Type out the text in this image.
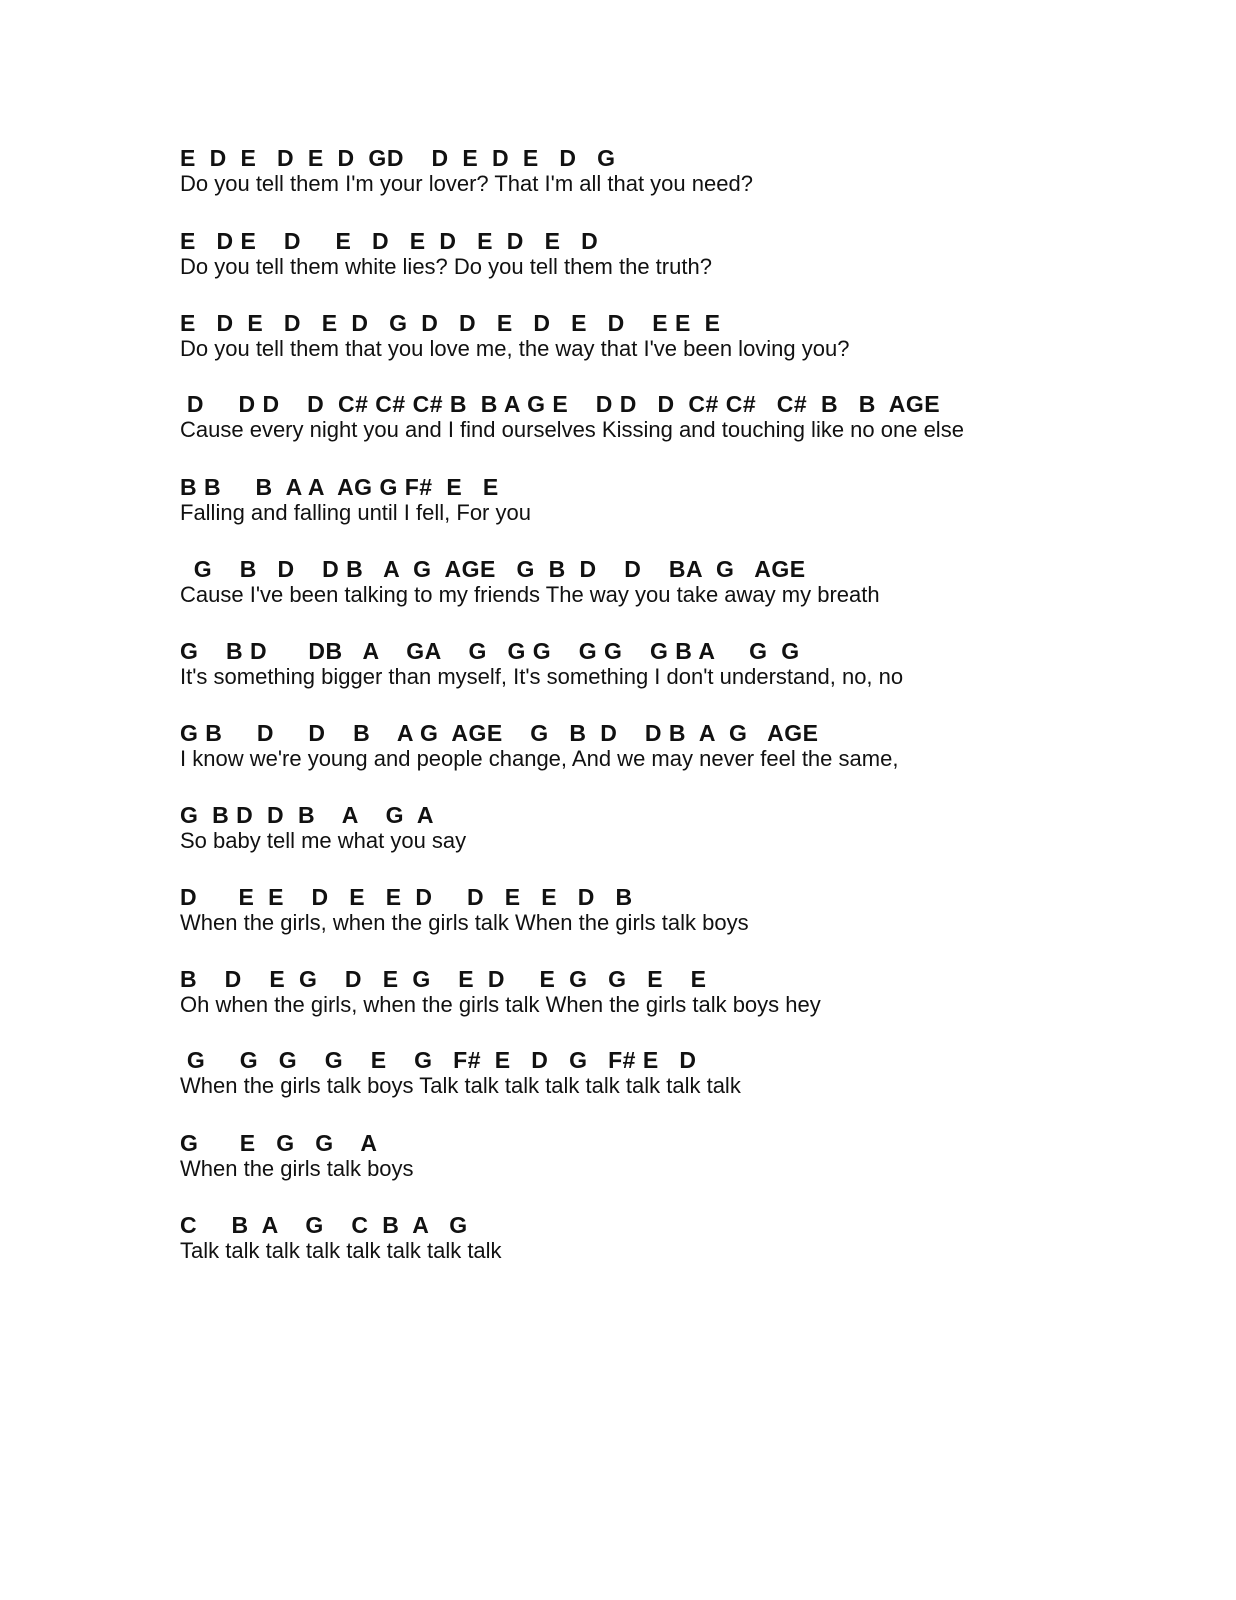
E  D  E   D  E  D  GD    D  E  D  E   D   G
Do you tell them I'm your lover? That I'm all that you need?
E   D E    D     E   D   E  D   E  D   E   D
Do you tell them white lies? Do you tell them the truth?
E   D  E   D   E  D   G  D   D   E   D   E   D    E E  E
Do you tell them that you love me, the way that I've been loving you?
D     D D    D  C# C# C# B  B A G E    D D   D  C# C#   C#  B   B  AGE
Cause every night you and I find ourselves Kissing and touching like no one else
B B     B  A A  AG G F#  E   E
Falling and falling until I fell, For you
G    B   D    D B   A  G  AGE   G  B  D    D    BA  G   AGE
Cause I've been talking to my friends The way you take away my breath
G    B D      DB   A    GA    G   G G    G G    G B A     G  G
It's something bigger than myself, It's something I don't understand, no, no
G B     D     D    B    A G  AGE    G   B  D    D B  A  G   AGE
I know we're young and people change, And we may never feel the same,
G  B D  D  B    A    G  A
So baby tell me what you say
D      E  E    D   E   E  D     D   E   E   D   B
When the girls, when the girls talk When the girls talk boys
B    D    E  G    D   E  G    E  D     E  G   G   E    E
Oh when the girls, when the girls talk When the girls talk boys hey
G     G   G    G    E    G   F#  E   D   G   F# E   D
When the girls talk boys Talk talk talk talk talk talk talk talk
G      E   G   G    A
When the girls talk boys
C     B  A    G    C  B  A   G
Talk talk talk talk talk talk talk talk
